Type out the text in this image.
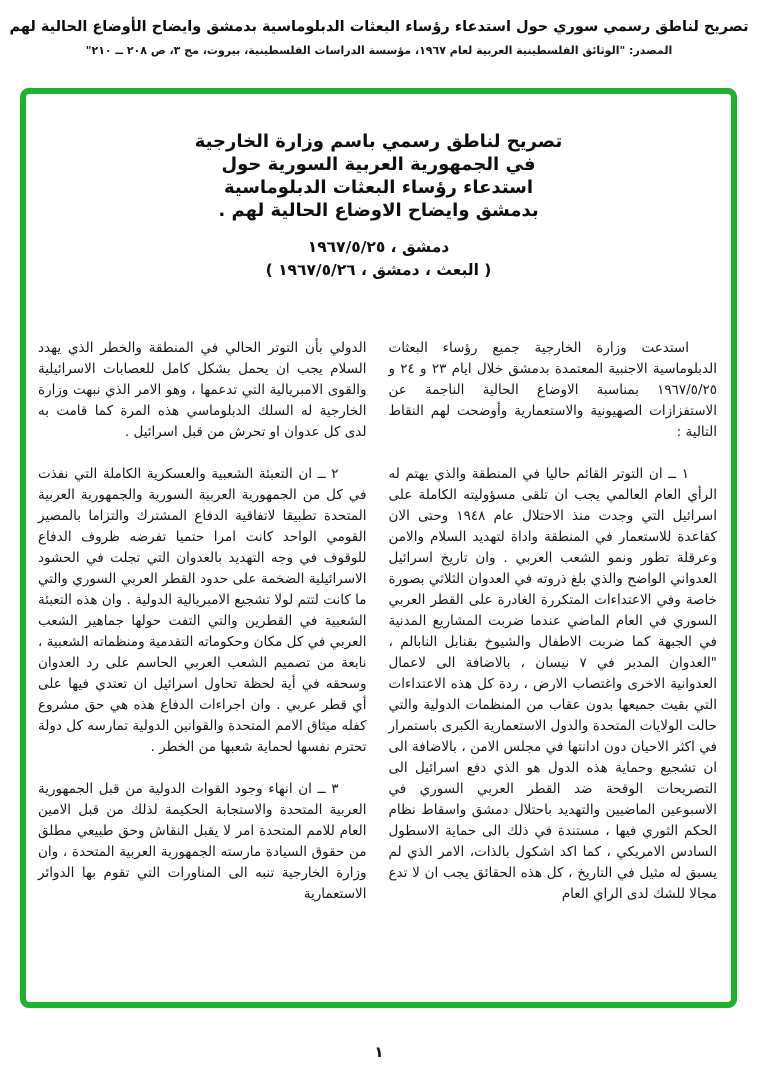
تصريح لناطق رسمي سوري حول استدعاء رؤساء البعثات الدبلوماسية بدمشق وايضاح الأوضاع الحالية لهم
المصدر: "الوثائق الفلسطينية العربية لعام ١٩٦٧، مؤسسة الدراسات الفلسطينية، بيروت، مج ٣، ص ٢٠٨ ــ ٢١٠"
تصريح لناطق رسمي باسم وزارة الخارجية
في الجمهورية العربية السورية حول
استدعاء رؤساء البعثات الدبلوماسية
بدمشق وايضاح الاوضاع الحالية لهم .
دمشق ، ١٩٦٧/٥/٢٥
( البعث ، دمشق ، ١٩٦٧/٥/٢٦ )

استدعت وزارة الخارجية جميع رؤساء البعثات الدبلوماسية الاجنبية المعتمدة بدمشق خلال ايام ٢٣ و ٢٤ و ١٩٦٧/٥/٢٥ بمناسبة الاوضاع الحالية الناجمة عن الاستفزازات الصهيونية والاستعمارية وأوضحت لهم النقاط التالية :

١ ــ ان التوتر القائم حاليا في المنطقة والذي يهتم له الرأي العام العالمي يجب ان تلقى مسؤوليته الكاملة على اسرائيل التي وجدت منذ الاحتلال عام ١٩٤٨ وحتى الان كقاعدة للاستعمار في المنطقة واداة لتهديد السلام والامن وعرقلة تطور ونمو الشعب العربي . وان تاريخ اسرائيل العدواني الواضح والذي بلغ ذروته في العدوان الثلاثي بصورة خاصة وفي الاعتداءات المتكررة الغادرة على القطر العربي السوري في العام الماضي عندما ضربت المشاريع المدنية في الجبهة كما ضربت الاطفال والشيوخ بقنابل النابالم ، "العدوان المدبر في ٧ نيسان ، بالاضافة الى لاعمال العدوانية الاخرى واغتصاب الارض ، ردة كل هذه الاعتداءات التي بقيت جميعها بدون عقاب من المنظمات الدولية والتي حالت الولايات المتحدة والدول الاستعمارية الكبرى باستمرار في اكثر الاحيان دون ادانتها في مجلس الامن ، بالاضافة الى ان تشجيع وحماية هذه الدول هو الذي دفع اسرائيل الى التصريحات الوقحة ضد القطر العربي السوري في الاسبوعين الماضيين والتهديد باحتلال دمشق واسقاط نظام الحكم الثوري فيها ، مستندة في ذلك الى حماية الاسطول السادس الامريكي ، كما اكد اشكول بالذات، الامر الذي لم يسبق له مثيل في التاريخ ، كل هذه الحقائق يجب ان لا تدع مجالا للشك لدى الراي العام

الدولي بأن التوتر الحالي في المنطقة والخطر الذي يهدد السلام يجب ان يحمل بشكل كامل للعصابات الاسرائيلية والقوى الامبريالية التي تدعمها ، وهو الامر الذي نبهت وزارة الخارجية له السلك الدبلوماسي هذه المرة كما قامت به لدى كل عدوان او تحرش من قبل اسرائيل .

٢ ــ ان التعبئة الشعبية والعسكرية الكاملة التي نفذت في كل من الجمهورية العربية السورية والجمهورية العربية المتحدة تطبيقا لاتفاقية الدفاع المشترك والتزاما بالمصير القومي الواحد كانت امرا حتميا تفرضه ظروف الدفاع للوقوف في وجه التهديد بالعدوان التي تجلت في الحشود الاسرائيلية الضخمة على حدود القطر العربي السوري والتي ما كانت لتتم لولا تشجيع الامبريالية الدولية . وان هذه التعبئة الشعبية في القطرين والتي التفت حولها جماهير الشعب العربي في كل مكان وحكوماته التقدمية ومنظماته الشعبية ، نابعة من تصميم الشعب العربي الحاسم على رد العدوان وسحقه في أية لحظة تحاول اسرائيل ان تعتدي فيها على أي قطر عربي . وان اجراءات الدفاع هذه هي حق مشروع كفله ميثاق الامم المتحدة والقوانين الدولية تمارسه كل دولة تحترم نفسها لحماية شعبها من الخطر .

٣ ــ ان انهاء وجود القوات الدولية من قبل الجمهورية العربية المتحدة والاستجابة الحكيمة لذلك من قبل الامين العام للامم المتحدة امر لا يقبل النقاش وحق طبيعي مطلق من حقوق السيادة مارسته الجمهورية العربية المتحدة ، وان وزارة الخارجية تنبه الى المناورات التي تقوم بها الدوائر الاستعمارية

١
